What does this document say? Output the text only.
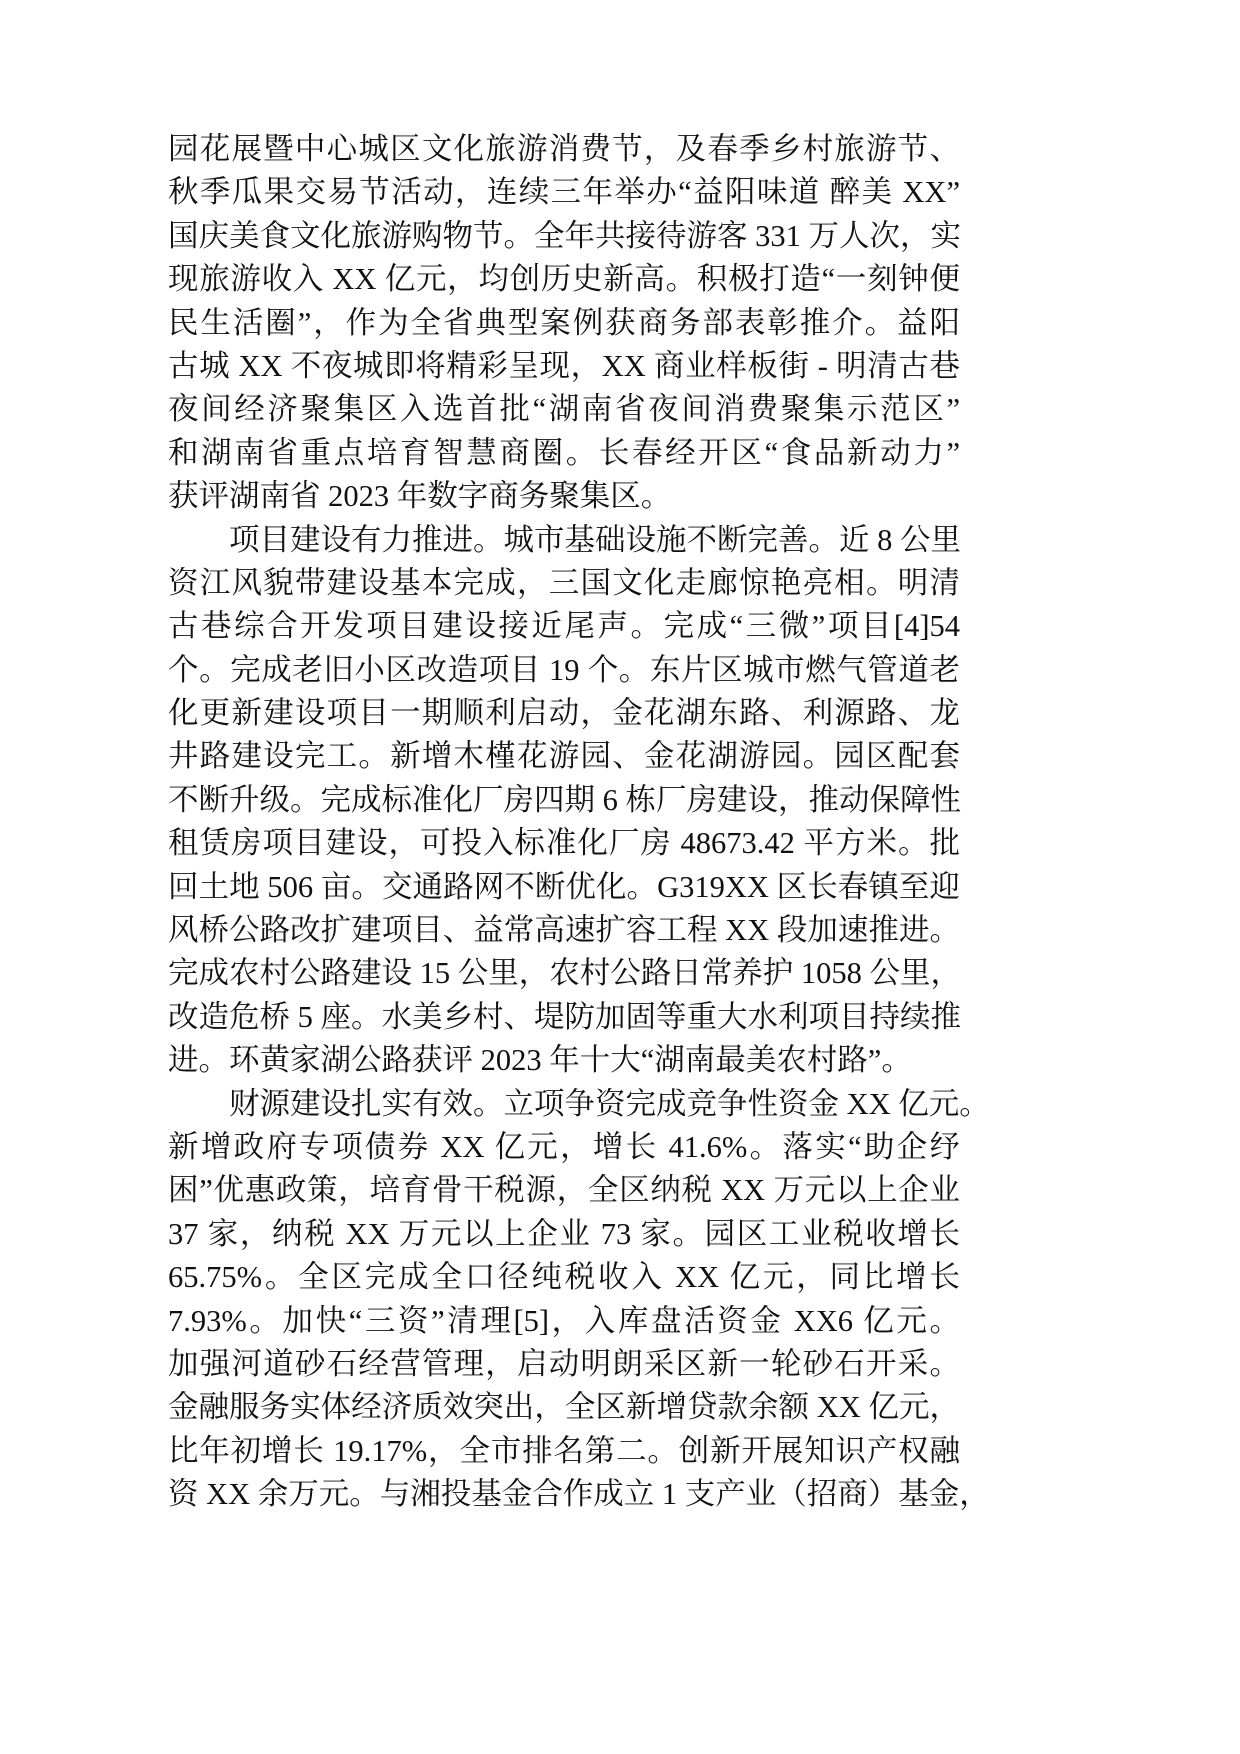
园花展暨中心城区文化旅游消费节，及春季乡村旅游节、
秋季瓜果交易节活动，连续三年举办“益阳味道 醉美 XX”
国庆美食文化旅游购物节。全年共接待游客 331 万人次，实
现旅游收入 XX 亿元，均创历史新高。积极打造“一刻钟便
民生活圈”，作为全省典型案例获商务部表彰推介。益阳
古城 XX 不夜城即将精彩呈现，XX 商业样板街 - 明清古巷
夜间经济聚集区入选首批“湖南省夜间消费聚集示范区”
和湖南省重点培育智慧商圈。长春经开区“食品新动力”
获评湖南省 2023 年数字商务聚集区。
项目建设有力推进。城市基础设施不断完善。近 8 公里
资江风貌带建设基本完成，三国文化走廊惊艳亮相。明清
古巷综合开发项目建设接近尾声。完成“三微”项目[4]54
个。完成老旧小区改造项目 19 个。东片区城市燃气管道老
化更新建设项目一期顺利启动，金花湖东路、利源路、龙
井路建设完工。新增木槿花游园、金花湖游园。园区配套
不断升级。完成标准化厂房四期 6 栋厂房建设，推动保障性
租赁房项目建设，可投入标准化厂房 48673.42 平方米。批
回土地 506 亩。交通路网不断优化。G319XX 区长春镇至迎
风桥公路改扩建项目、益常高速扩容工程 XX 段加速推进。
完成农村公路建设 15 公里，农村公路日常养护 1058 公里，
改造危桥 5 座。水美乡村、堤防加固等重大水利项目持续推
进。环黄家湖公路获评 2023 年十大“湖南最美农村路”。
财源建设扎实有效。立项争资完成竞争性资金 XX 亿元。
新增政府专项债券 XX 亿元，增长 41.6%。落实“助企纾
困”优惠政策，培育骨干税源，全区纳税 XX 万元以上企业
37 家，纳税 XX 万元以上企业 73 家。园区工业税收增长
65.75%。全区完成全口径纯税收入 XX 亿元，同比增长
7.93%。加快“三资”清理[5]，入库盘活资金 XX6 亿元。
加强河道砂石经营管理，启动明朗采区新一轮砂石开采。
金融服务实体经济质效突出，全区新增贷款余额 XX 亿元，
比年初增长 19.17%，全市排名第二。创新开展知识产权融
资 XX 余万元。与湘投基金合作成立 1 支产业（招商）基金，
